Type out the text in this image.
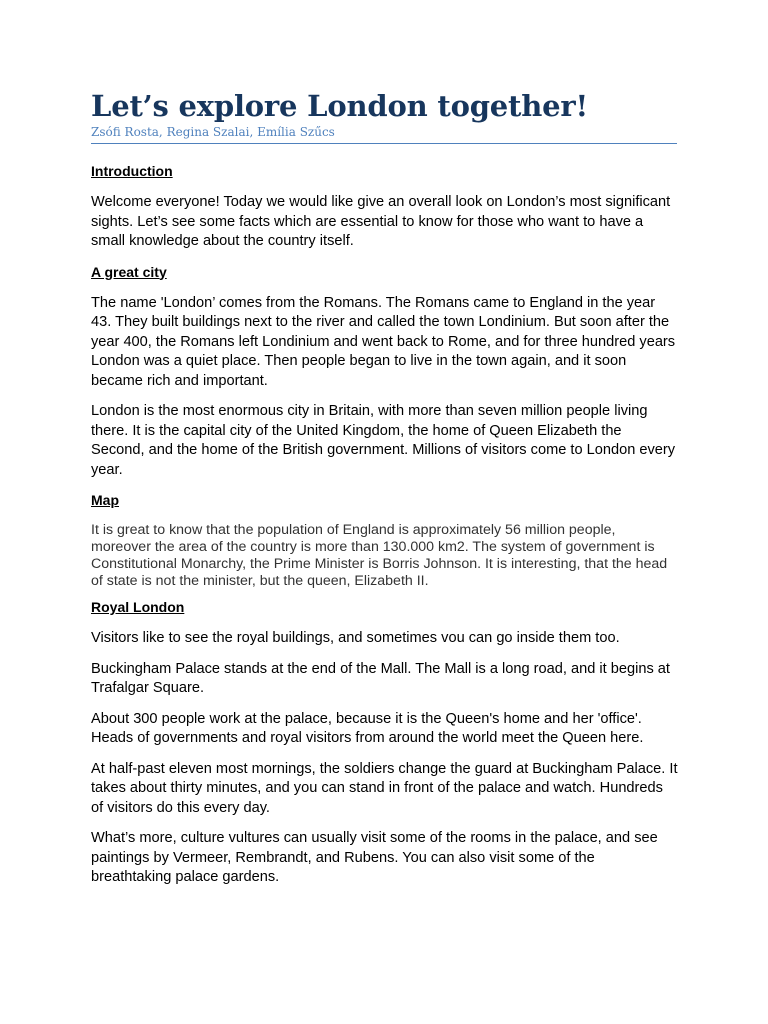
Let’s explore London together!

Zsófi Rosta, Regina Szalai, Emília Szűcs

Introduction

Welcome everyone! Today we would like give an overall look on London’s most significant sights. Let’s see some facts which are essential to know for those who want to have a small knowledge about the country itself.

A great city

The name 'London’ comes from the Romans. The Romans came to England in the year 43. They built buildings next to the river and called the town Londinium. But soon after the year 400, the Romans left Londinium and went back to Rome, and for three hundred years London was a quiet place. Then people began to live in the town again, and it soon became rich and important.

London is the most enormous city in Britain, with more than seven million people living there. It is the capital city of the United Kingdom, the home of Queen Elizabeth the Second, and the home of the British government. Millions of visitors come to London every year.

Map

It is great to know that the population of England is approximately 56 million people, moreover the area of the country is more than 130.000 km2. The system of government is Constitutional Monarchy, the Prime Minister is Borris Johnson. It is interesting, that the head of state is not the minister, but the queen, Elizabeth II.

Royal London

Visitors like to see the royal buildings, and sometimes vou can go inside them too.

Buckingham Palace stands at the end of the Mall. The Mall is a long road, and it begins at Trafalgar Square.

About 300 people work at the palace, because it is the Queen's home and her 'office'. Heads of governments and royal visitors from around the world meet the Queen here.

At half-past eleven most mornings, the soldiers change the guard at Buckingham Palace. It takes about thirty minutes, and you can stand in front of the palace and watch. Hundreds of visitors do this every day.

What’s more, culture vultures can usually visit some of the rooms in the palace, and see paintings by Vermeer, Rembrandt, and Rubens. You can also visit some of the breathtaking palace gardens.
